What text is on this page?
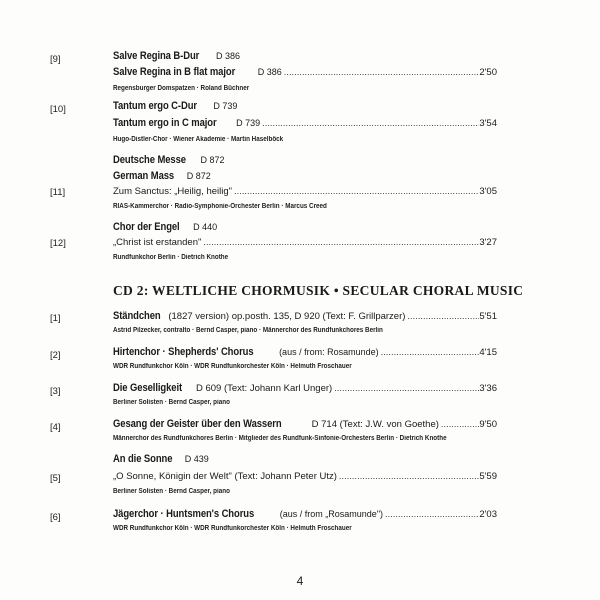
[9]	Salve Regina B-Dur D 386
Salve Regina in B flat major	D 386 . . .	2'50
Regensburger Domspatzen · Roland Büchner
[10]	Tantum ergo C-Dur D 739
Tantum ergo in C major D 739 . . .	3'54
Hugo-Distler-Chor · Wiener Akademie · Martin Haselböck
Deutsche Messe D 872
German Mass D 872
[11]	Zum Sanctus: „Heilig, heilig" . . .	3'05
RIAS-Kammerchor · Radio-Symphonie-Orchester Berlin · Marcus Creed
Chor der Engel D 440
[12]	„Christ ist erstanden" . . .	3'27
Rundfunkchor Berlin · Dietrich Knothe
CD 2: WELTLICHE CHORMUSIK • SECULAR CHORAL MUSIC
[1]	Ständchen (1827 version) op.posth. 135, D 920 (Text: F. Grillparzer) . . .	5'51
Astrid Pilzecker, contralto · Bernd Casper, piano · Männerchor des Rundfunkchores Berlin
[2]	Hirtenchor · Shepherds' Chorus	(aus / from: Rosamunde) . . .	4'15
WDR Rundfunkchor Köln · WDR Rundfunkorchester Köln · Helmuth Froschauer
[3]	Die Geselligkeit D 609 (Text: Johann Karl Unger) . . .	3'36
Berliner Solisten · Bernd Casper, piano
[4]	Gesang der Geister über den Wassern	D 714 (Text: J.W. von Goethe) . . .	9'50
Männerchor des Rundfunkchores Berlin · Mitglieder des Rundfunk-Sinfonie-Orchesters Berlin · Dietrich Knothe
An die Sonne D 439
[5]	„O Sonne, Königin der Welt" (Text: Johann Peter Utz) . . .	5'59
Berliner Solisten · Bernd Casper, piano
[6]	Jägerchor · Huntsmen's Chorus	(aus / from „Rosamunde") . . .	2'03
WDR Rundfunkchor Köln · WDR Rundfunkorchester Köln · Helmuth Froschauer
4
